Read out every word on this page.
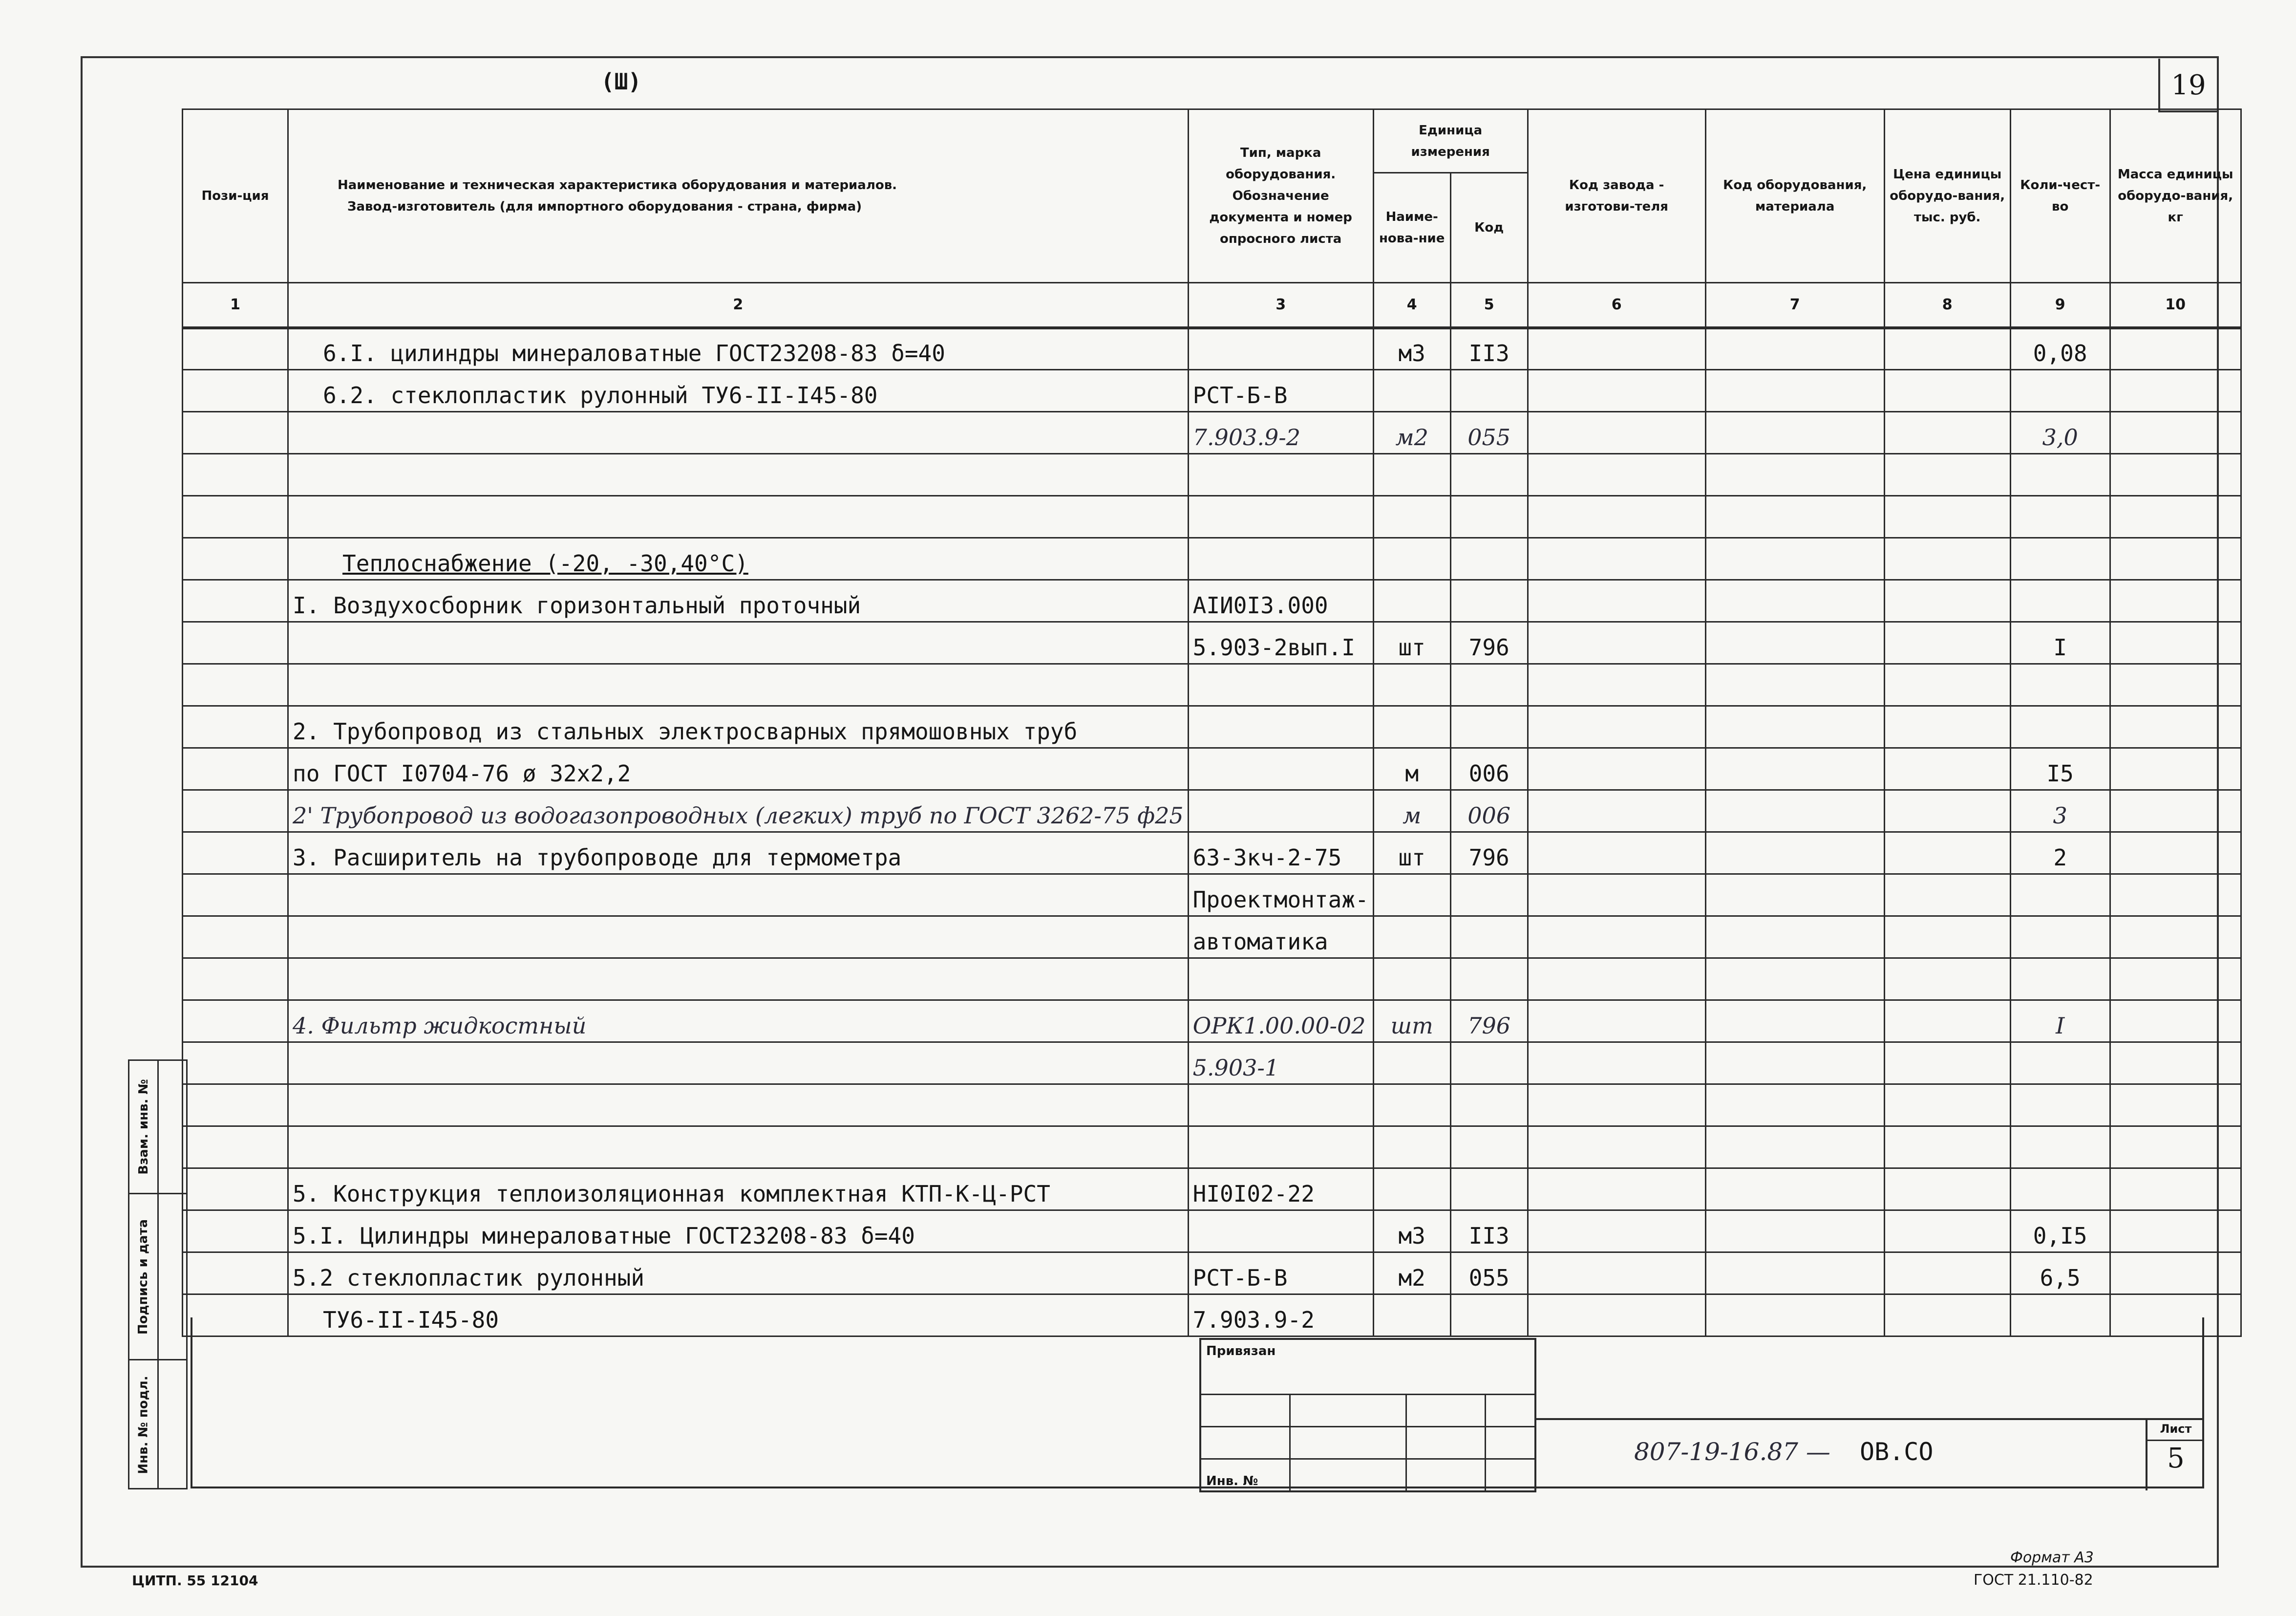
19
(Ш)
Пози-ция	Наименование и техническая характеристика оборудования и материалов.
Завод-изготовитель (для импортного оборудования - страна, фирма)	Тип, марка оборудования. Обозначение документа и номер опросного листа	Единица измерения		Код завода - изготови-теля	Код оборудования, материала	Цена единицы оборудо-вания, тыс. руб.	Коли-чест-во	Масса единицы оборудо-вания, кг
			Наиме-нова-ние	Код					
1	2	3	4	5	6	7	8	9	10
	6.I. цилиндры минераловатные ГОСТ23208-83 δ=40		м3	II3				0,08	
	6.2. стеклопластик рулонный ТУ6-II-I45-80	РСТ-Б-В							
		7.903.9-2	м2	055				3,0	

	Теплоснабжение (-20, -30,40°С)								
	I. Воздухосборник горизонтальный проточный	АIИ0I3.000							
		5.903-2вып.I	шт	796				I	

	2. Трубопровод из стальных электросварных прямошовных труб								
	по ГОСТ I0704-76 ø 32х2,2		м	006				I5	
	2' Трубопровод из водогазопроводных (легких) труб по ГОСТ 3262-75 ф25		м	006				3	
	3. Расширитель на трубопроводе для термометра	63-3кч-2-75	шт	796				2	
		Проектмонтаж-							
		автоматика							

	4. Фильтр жидкостный	ОРК1.00.00-02	шт	796				I	
		5.903-1							

	5. Конструкция теплоизоляционная комплектная КТП-К-Ц-РСТ	НI0I02-22							
	5.I. Цилиндры минераловатные ГОСТ23208-83 δ=40		м3	II3				0,I5	
	5.2 стеклопластик рулонный	РСТ-Б-В	м2	055				6,5	
	ТУ6-II-I45-80	7.903.9-2							
Взам. инв. №
Подпись и дата
Инв. № подл.
Привязан
Инв. №
807-19-16.87 — ОВ.СО
Лист
5
ЦИТП. 55 12104
Формат А3
ГОСТ 21.110-82
